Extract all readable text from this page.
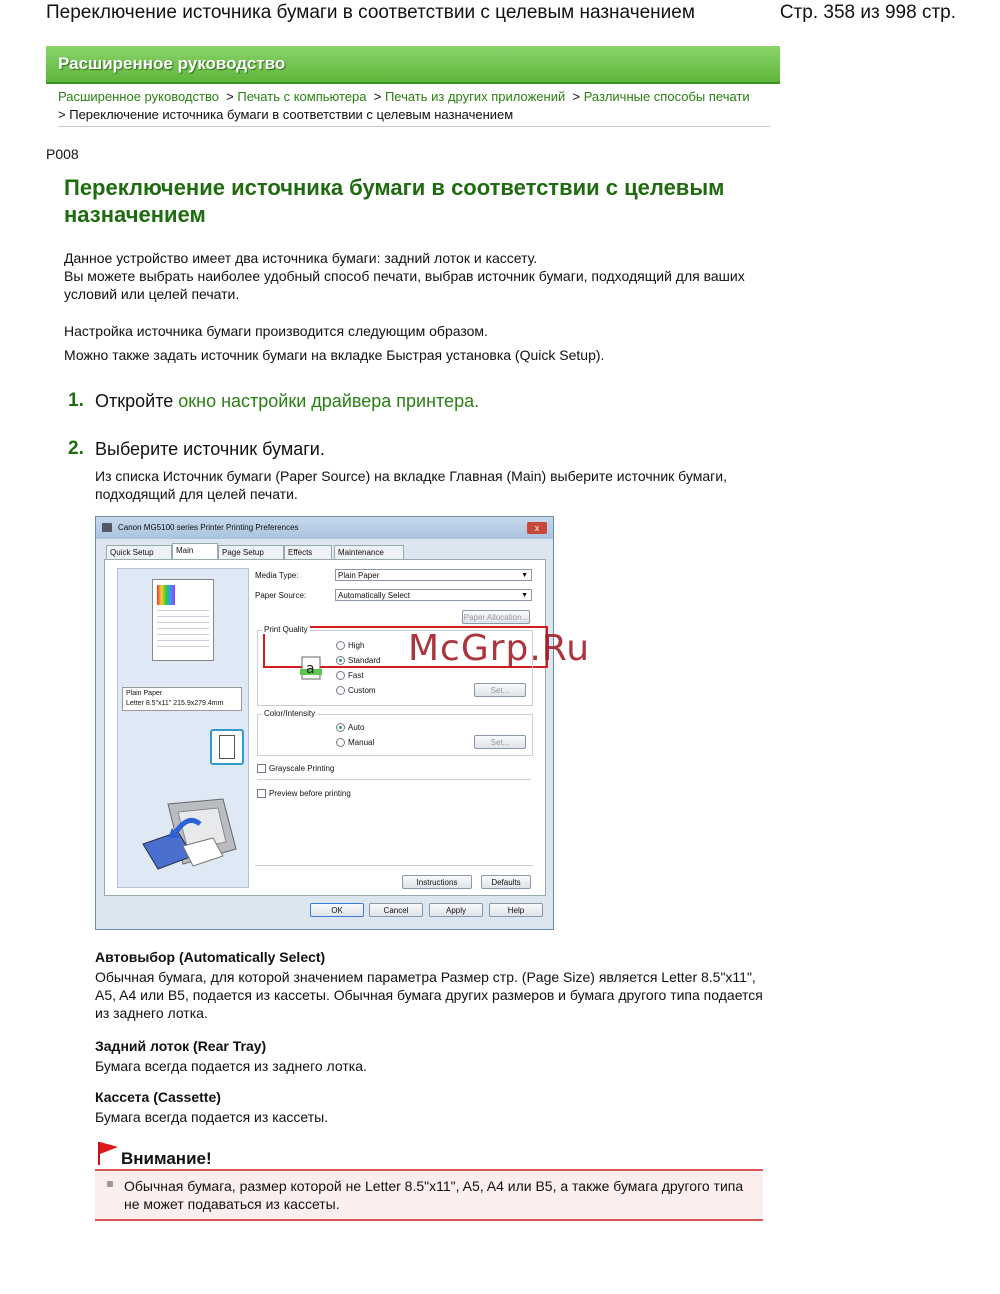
Переключение источника бумаги в соответствии с целевым назначением	Стр. 358 из 998 стр.
Расширенное руководство
Расширенное руководство  > Печать с компьютера  > Печать из других приложений  > Различные способы печати
> Переключение источника бумаги в соответствии с целевым назначением
P008
Переключение источника бумаги в соответствии с целевым назначением
Данное устройство имеет два источника бумаги: задний лоток и кассету.
Вы можете выбрать наиболее удобный способ печати, выбрав источник бумаги, подходящий для ваших условий или целей печати.
Настройка источника бумаги производится следующим образом.
Можно также задать источник бумаги на вкладке Быстрая установка (Quick Setup).
1. Откройте окно настройки драйвера принтера.
2. Выберите источник бумаги.
Из списка Источник бумаги (Paper Source) на вкладке Главная (Main) выберите источник бумаги, подходящий для целей печати.
Canon MG5100 series Printer Printing Preferences	x
Quick Setup	Main	Page Setup	Effects	Maintenance
Plain Paper
Letter 8.5"x11" 215.9x279.4mm
Media Type:	Plain Paper	▼
Paper Source:	Automatically Select	▼
Paper Allocation...
Print Quality
a
High
Standard
Fast
Custom	Set...
Color/Intensity
Auto
Manual	Set...
Grayscale Printing
Preview before printing
Instructions	Defaults
OK	Cancel	Apply	Help
McGrp.Ru
Автовыбор (Automatically Select)
Обычная бумага, для которой значением параметра Размер стр. (Page Size) является Letter 8.5"x11", A5, A4 или B5, подается из кассеты. Обычная бумага других размеров и бумага другого типа подается из заднего лотка.
Задний лоток (Rear Tray)
Бумага всегда подается из заднего лотка.
Кассета (Cassette)
Бумага всегда подается из кассеты.
Внимание!
Обычная бумага, размер которой не Letter 8.5"x11", A5, A4 или B5, а также бумага другого типа не может подаваться из кассеты.
